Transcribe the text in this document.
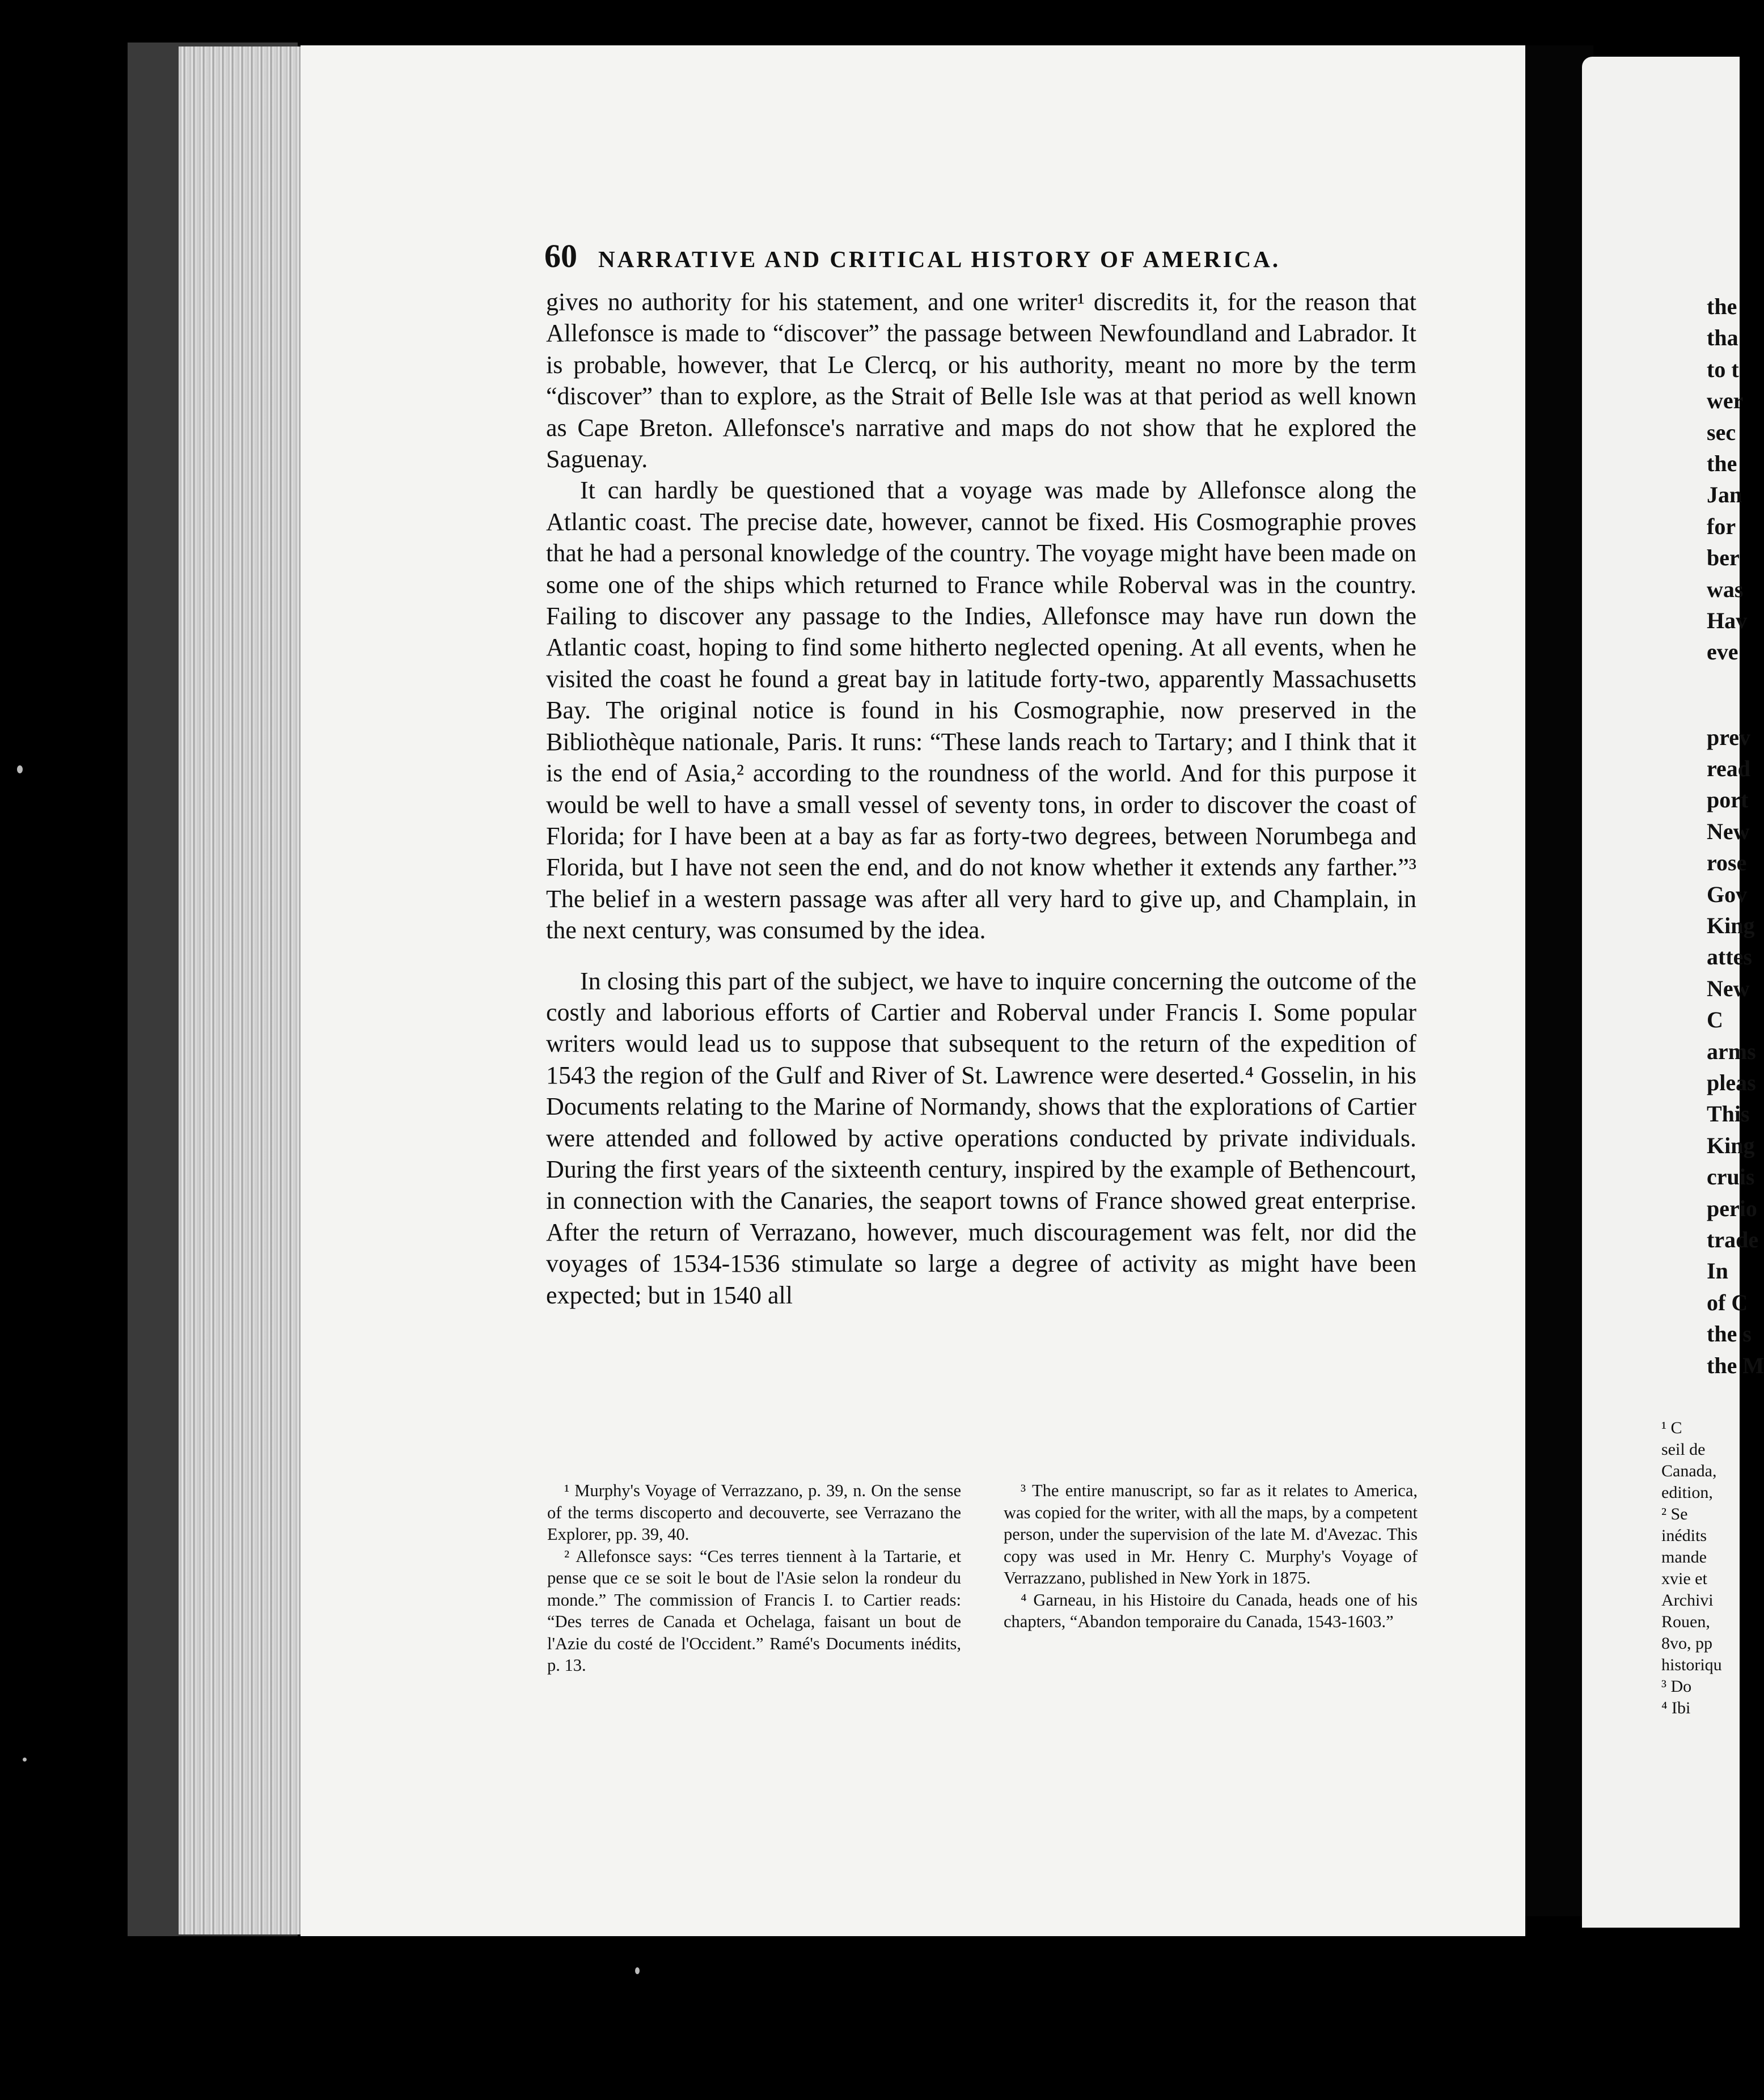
60 NARRATIVE AND CRITICAL HISTORY OF AMERICA.

gives no authority for his statement, and one writer¹ discredits it, for the reason that Allefonsce is made to “discover” the passage between Newfoundland and Labrador. It is probable, however, that Le Clercq, or his authority, meant no more by the term “discover” than to explore, as the Strait of Belle Isle was at that period as well known as Cape Breton. Allefonsce's narrative and maps do not show that he explored the Saguenay.

It can hardly be questioned that a voyage was made by Allefonsce along the Atlantic coast. The precise date, however, cannot be fixed. His Cosmographie proves that he had a personal knowledge of the country. The voyage might have been made on some one of the ships which returned to France while Roberval was in the country. Failing to discover any passage to the Indies, Allefonsce may have run down the Atlantic coast, hoping to find some hitherto neglected opening. At all events, when he visited the coast he found a great bay in latitude forty-two, apparently Massachusetts Bay. The original notice is found in his Cosmographie, now preserved in the Bibliothèque nationale, Paris. It runs: “These lands reach to Tartary; and I think that it is the end of Asia,² according to the roundness of the world. And for this purpose it would be well to have a small vessel of seventy tons, in order to discover the coast of Florida; for I have been at a bay as far as forty-two degrees, between Norumbega and Florida, but I have not seen the end, and do not know whether it extends any farther.”³ The belief in a western passage was after all very hard to give up, and Champlain, in the next century, was consumed by the idea.

In closing this part of the subject, we have to inquire concerning the outcome of the costly and laborious efforts of Cartier and Roberval under Francis I. Some popular writers would lead us to suppose that subsequent to the return of the expedition of 1543 the region of the Gulf and River of St. Lawrence were deserted.⁴ Gosselin, in his Documents relating to the Marine of Normandy, shows that the explorations of Cartier were attended and followed by active operations conducted by private individuals. During the first years of the sixteenth century, inspired by the example of Bethencourt, in connection with the Canaries, the seaport towns of France showed great enterprise. After the return of Verrazano, however, much discouragement was felt, nor did the voyages of 1534-1536 stimulate so large a degree of activity as might have been expected; but in 1540 all

¹ Murphy's Voyage of Verrazzano, p. 39, n. On the sense of the terms discoperto and decouverte, see Verrazano the Explorer, pp. 39, 40.

² Allefonsce says: “Ces terres tiennent à la Tartarie, et pense que ce se soit le bout de l'Asie selon la rondeur du monde.” The commission of Francis I. to Cartier reads: “Des terres de Canada et Ochelaga, faisant un bout de l'Azie du costé de l'Occident.” Ramé's Documents inédits, p. 13.

³ The entire manuscript, so far as it relates to America, was copied for the writer, with all the maps, by a competent person, under the supervision of the late M. d'Avezac. This copy was used in Mr. Henry C. Murphy's Voyage of Verrazzano, published in New York in 1875.

⁴ Garneau, in his Histoire du Canada, heads one of his chapters, “Abandon temporaire du Canada, 1543-1603.”

the
tha
to t
wer
sec
the
Jan
for
ber
was
Hav
eve
prev
read
port
New
rose
Gov
King
attes
New
C
arms
pleas
This
King
cruis
perio
trade
In
of C
the s
the M
¹ C
seil de
Canada,
edition,
² Se
inédits
mande
xvie et
Archivi
Rouen,
8vo, pp
historiqu
³ Do
⁴ Ibi
